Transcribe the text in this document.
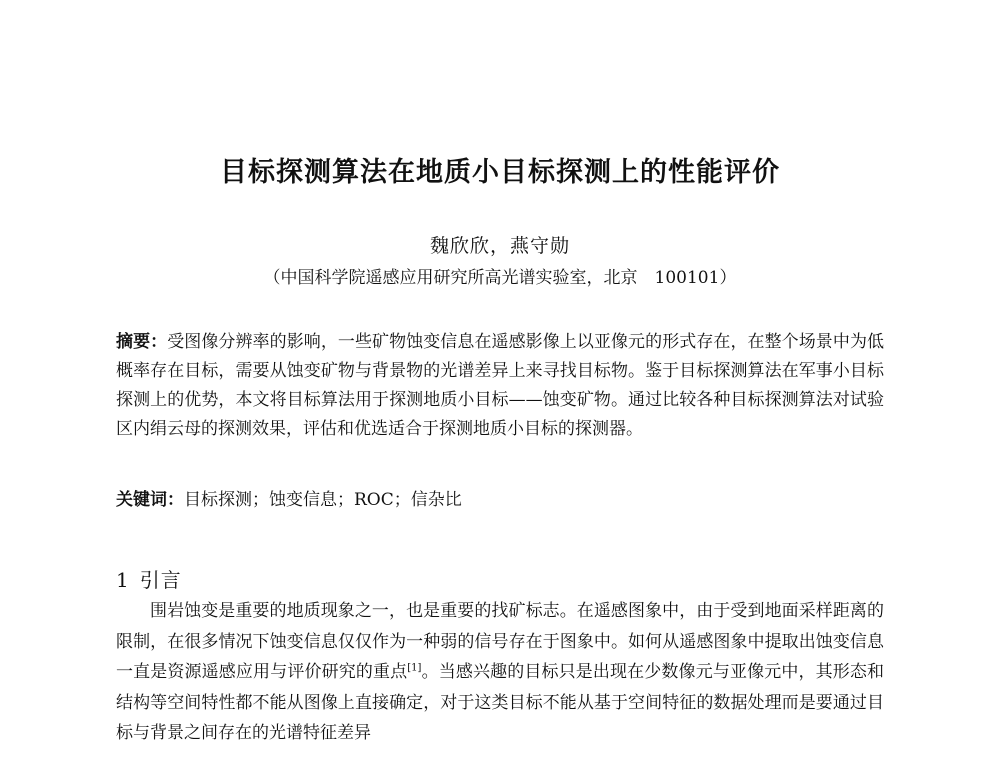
目标探测算法在地质小目标探测上的性能评价
魏欣欣，燕守勋
（中国科学院遥感应用研究所高光谱实验室，北京　100101）
摘要：受图像分辨率的影响，一些矿物蚀变信息在遥感影像上以亚像元的形式存在，在整个场景中为低概率存在目标，需要从蚀变矿物与背景物的光谱差异上来寻找目标物。鉴于目标探测算法在军事小目标探测上的优势，本文将目标算法用于探测地质小目标——蚀变矿物。通过比较各种目标探测算法对试验区内绢云母的探测效果，评估和优选适合于探测地质小目标的探测器。
关键词：目标探测；蚀变信息；ROC；信杂比
1 引言
围岩蚀变是重要的地质现象之一，也是重要的找矿标志。在遥感图象中，由于受到地面采样距离的限制，在很多情况下蚀变信息仅仅作为一种弱的信号存在于图象中。如何从遥感图象中提取出蚀变信息一直是资源遥感应用与评价研究的重点[1]。当感兴趣的目标只是出现在少数像元与亚像元中，其形态和结构等空间特性都不能从图像上直接确定，对于这类目标不能从基于空间特征的数据处理而是要通过目标与背景之间存在的光谱特征差异
